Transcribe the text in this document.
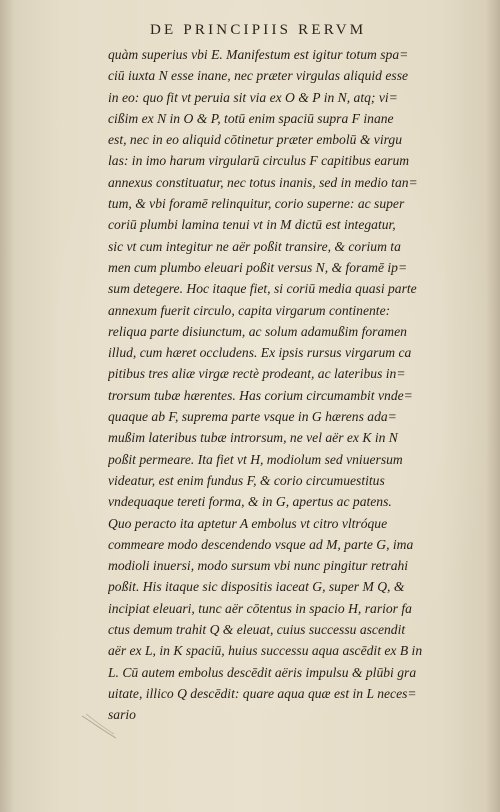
DE PRINCIPIIS RERVM
quàm superius vbi E. Manifestum est igitur totum spa=
ciū iuxta N esse inane, nec præter virgulas aliquid esse
in eo: quo fit vt peruia sit via ex O & P in N, atq; vi=
cißim ex N in O & P, totū enim spaciū supra F inane
est, nec in eo aliquid cōtinetur præter embolū & virgu
las: in imo harum virgularū circulus F capitibus earum
annexus constituatur, nec totus inanis, sed in medio tan=
tum, & vbi foramē relinquitur, corio superne: ac super
coriū plumbi lamina tenui vt in M dictū est integatur,
sic vt cum integitur ne aër poßit transire, & corium ta
men cum plumbo eleuari poßit versus N, & foramē ip=
sum detegere. Hoc itaque fiet, si coriū media quasi parte
annexum fuerit circulo, capita virgarum continente:
reliqua parte disiunctum, ac solum adamußim foramen
illud, cum hæret occludens. Ex ipsis rursus virgarum ca
pitibus tres aliæ virgæ rectè prodeant, ac lateribus in=
trorsum tubæ hærentes. Has corium circumambit vnde=
quaque ab F, suprema parte vsque in G hærens ada=
mußim lateribus tubæ introrsum, ne vel aër ex K in N
poßit permeare. Ita fiet vt H, modiolum sed vniuersum
videatur, est enim fundus F, & corio circumuestitus
vndequaque tereti forma, & in G, apertus ac patens.
Quo peracto ita aptetur A embolus vt citro vltróque
commeare modo descendendo vsque ad M, parte G, ima
modioli inuersi, modo sursum vbi nunc pingitur retrahi
poßit. His itaque sic dispositis iaceat G, super M Q, &
incipiat eleuari, tunc aër cōtentus in spacio H, rarior fa
ctus demum trahit Q & eleuat, cuius successu ascendit
aër ex L, in K spaciū, huius successu aqua ascēdit ex B in
L. Cū autem embolus descēdit aëris impulsu & plūbi gra
uitate, illico Q descēdit: quare aqua quæ est in L neces=
sario
